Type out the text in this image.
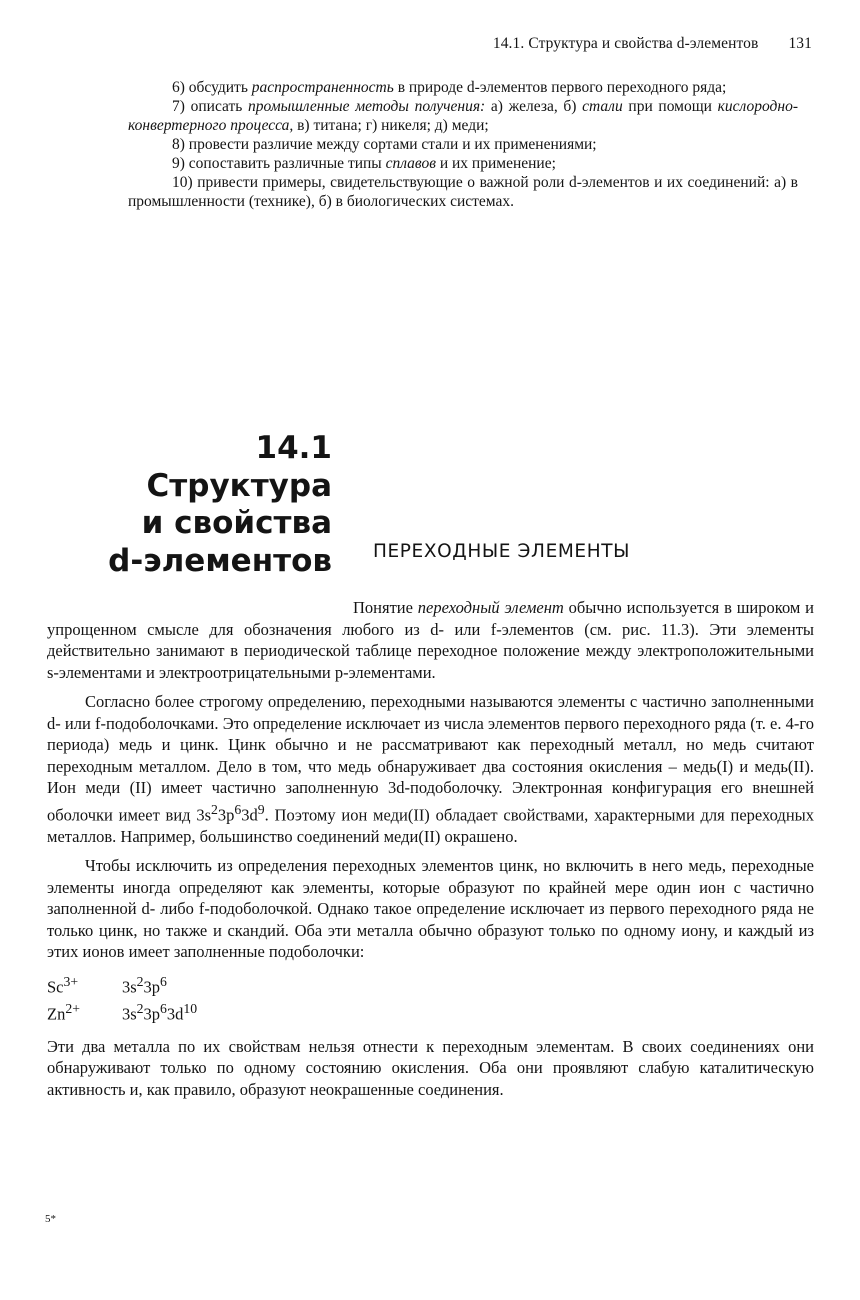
14.1. Структура и свойства d-элементов 131

6) обсудить распространенность в природе d-элементов первого переходного ряда;

7) описать промышленные методы получения: а) железа, б) стали при помощи кислородно-конвертерного процесса, в) титана; г) никеля; д) меди;

8) провести различие между сортами стали и их применениями;

9) сопоставить различные типы сплавов и их применение;

10) привести примеры, свидетельствующие о важной роли d-элементов и их соединений: а) в промышленности (технике), б) в биологических системах.

14.1
Структура
и свойства
d-элементов ПЕРЕХОДНЫЕ ЭЛЕМЕНТЫ

Понятие переходный элемент обычно используется в широком и упрощенном смысле для обозначения любого из d- или f-элементов (см. рис. 11.3). Эти элементы действительно занимают в периодической таблице переходное положение между электроположительными s-элементами и электроотрицательными p-элементами.

Согласно более строгому определению, переходными называются элементы с частично заполненными d- или f-подоболочками. Это определение исключает из числа элементов первого переходного ряда (т. е. 4-го периода) медь и цинк. Цинк обычно и не рассматривают как переходный металл, но медь считают переходным металлом. Дело в том, что медь обнаруживает два состояния окисления – медь(I) и медь(II). Ион меди (II) имеет частично заполненную 3d-подоболочку. Электронная конфигурация его внешней оболочки имеет вид $3s^23p^63d^9$. Поэтому ион меди(II) обладает свойствами, характерными для переходных металлов. Например, большинство соединений меди(II) окрашено.

Чтобы исключить из определения переходных элементов цинк, но включить в него медь, переходные элементы иногда определяют как элементы, которые образуют по крайней мере один ион с частично заполненной d- либо f-подоболочкой. Однако такое определение исключает из первого переходного ряда не только цинк, но также и скандий. Оба эти металла обычно образуют только по одному иону, и каждый из этих ионов имеет заполненные подоболочки:

$Sc^{3+}$	$3s^23p^6$
$Zn^{2+}$	$3s^23p^63d^{10}$

Эти два металла по их свойствам нельзя отнести к переходным элементам. В своих соединениях они обнаруживают только по одному состоянию окисления. Оба они проявляют слабую каталитическую активность и, как правило, образуют неокрашенные соединения.

5*
